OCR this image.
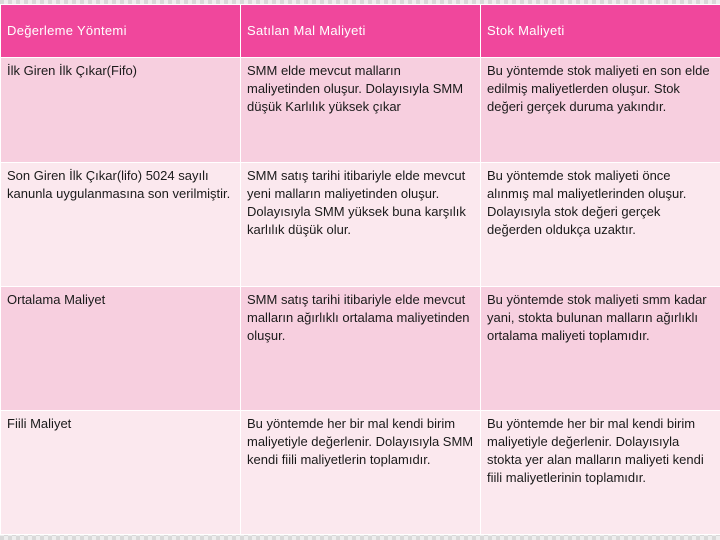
Değerleme Yöntemi	Satılan Mal Maliyeti	Stok Maliyeti
İlk Giren İlk Çıkar(Fifo)	SMM elde mevcut malların maliyetinden oluşur. Dolayısıyla SMM düşük Karlılık yüksek çıkar	Bu yöntemde stok maliyeti en son elde edilmiş maliyetlerden oluşur. Stok değeri gerçek duruma yakındır.
Son Giren İlk Çıkar(lifo) 5024 sayılı kanunla uygulanmasına son verilmiştir.	SMM satış tarihi itibariyle elde mevcut yeni malların maliyetinden oluşur. Dolayısıyla SMM yüksek buna karşılık karlılık düşük olur.	Bu yöntemde stok maliyeti önce alınmış mal maliyetlerinden oluşur. Dolayısıyla stok değeri gerçek değerden oldukça uzaktır.
Ortalama Maliyet	SMM satış tarihi itibariyle elde mevcut malların ağırlıklı ortalama maliyetinden oluşur.	Bu yöntemde stok maliyeti smm kadar yani, stokta bulunan malların ağırlıklı ortalama maliyeti toplamıdır.
Fiili Maliyet	Bu yöntemde her bir mal kendi birim maliyetiyle değerlenir. Dolayısıyla SMM kendi fiili maliyetlerin toplamıdır.	Bu yöntemde her bir mal kendi birim maliyetiyle değerlenir. Dolayısıyla stokta yer alan malların maliyeti kendi fiili maliyetlerinin toplamıdır.
